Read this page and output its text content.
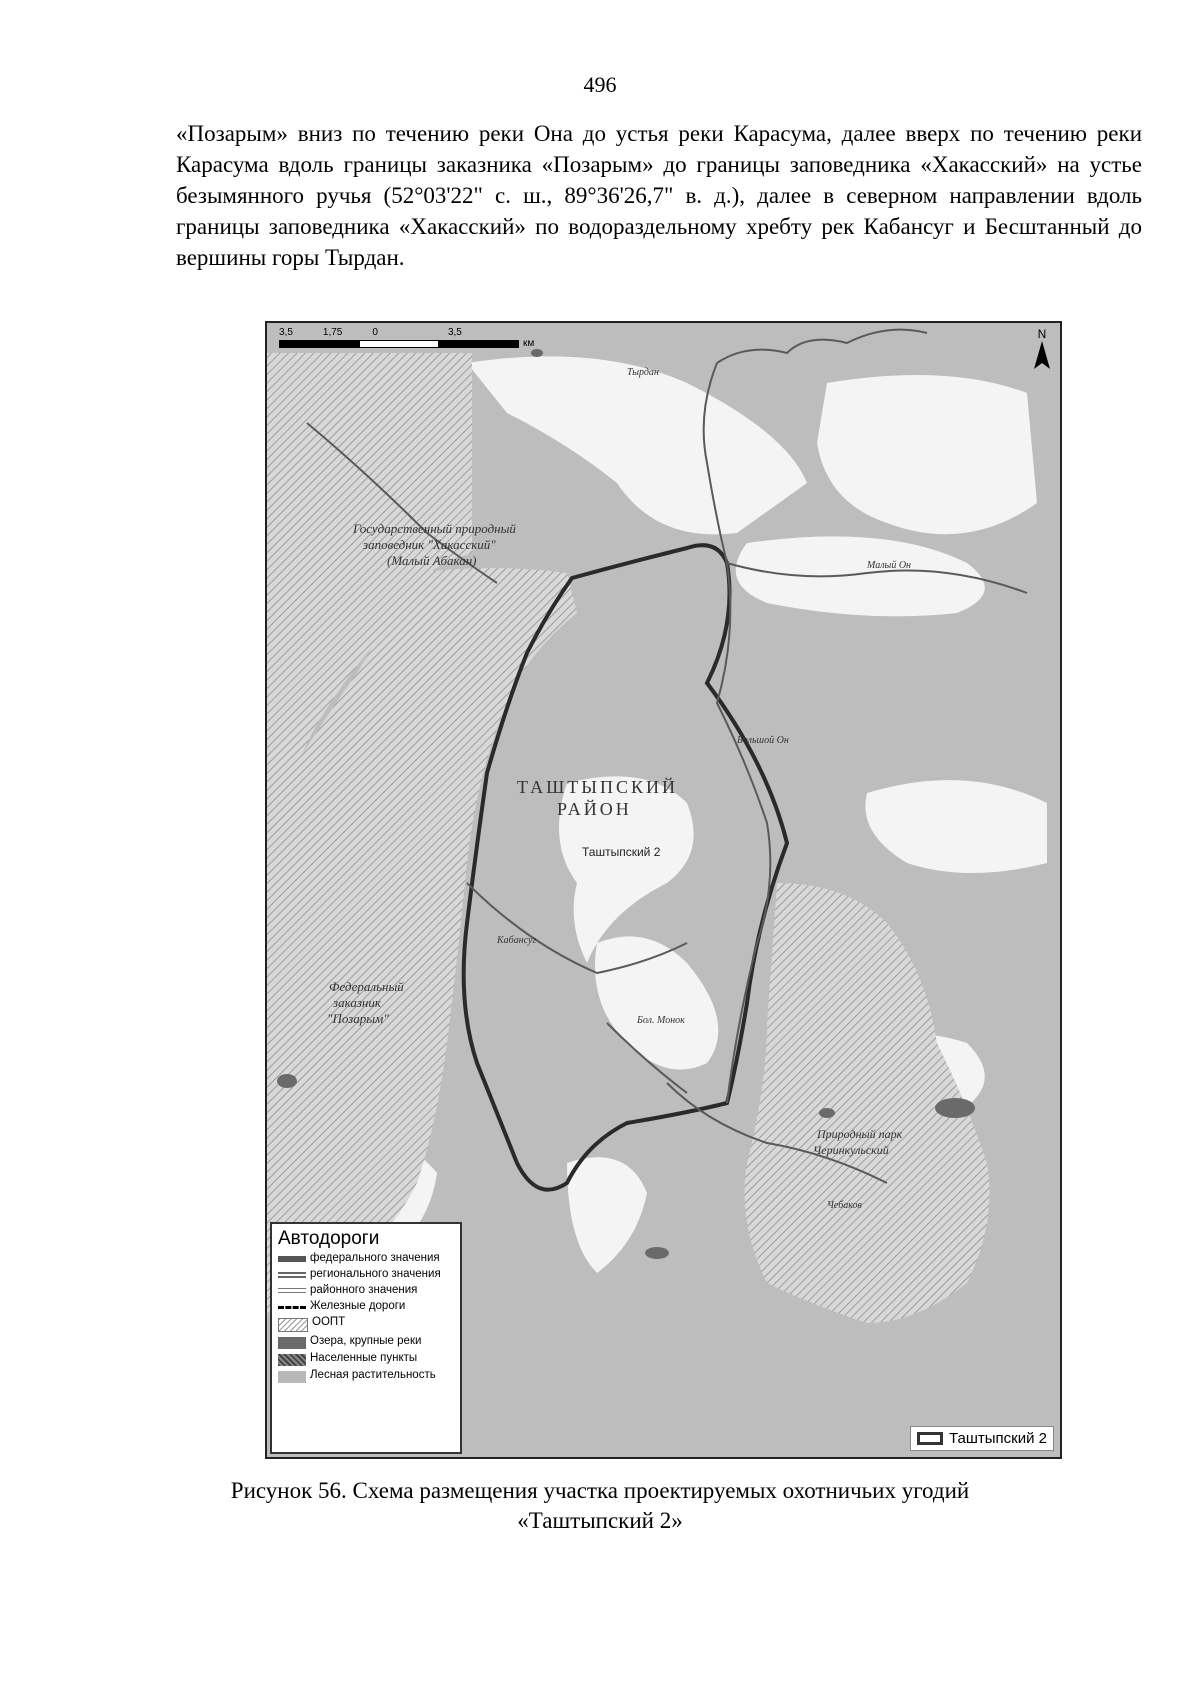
496
«Позарым» вниз по течению реки Она до устья реки Карасума, далее вверх по течению реки Карасума вдоль границы заказника «Позарым» до границы заповедника «Хакасский» на устье безымянного ручья (52°03'22" с. ш., 89°36'26,7" в. д.), далее в северном направлении вдоль границы заповедника «Хакасский» по водораздельному хребту рек Кабансуг и Бесштанный до вершины горы Тырдан.
Государственный природный
заповедник "Хакасский"
(Малый Абакан)
ТАШТЫПСКИЙ
РАЙОН
Таштыпский 2
Федеральный
заказник
"Позарым"
Природный парк
Черинкульский
Тырдан
Малый Он
Большой Он
Кабансуг
Бол. Монок
Чебаков
3,5	1,75	0	3,5
км
N
Автодороги
федерального значения
регионального значения
районного значения
Железные дороги
ООПТ
Озера, крупные реки
Населенные пункты
Лесная растительность
Таштыпский 2
Рисунок 56. Схема размещения участка проектируемых охотничьих угодий
«Таштыпский 2»
